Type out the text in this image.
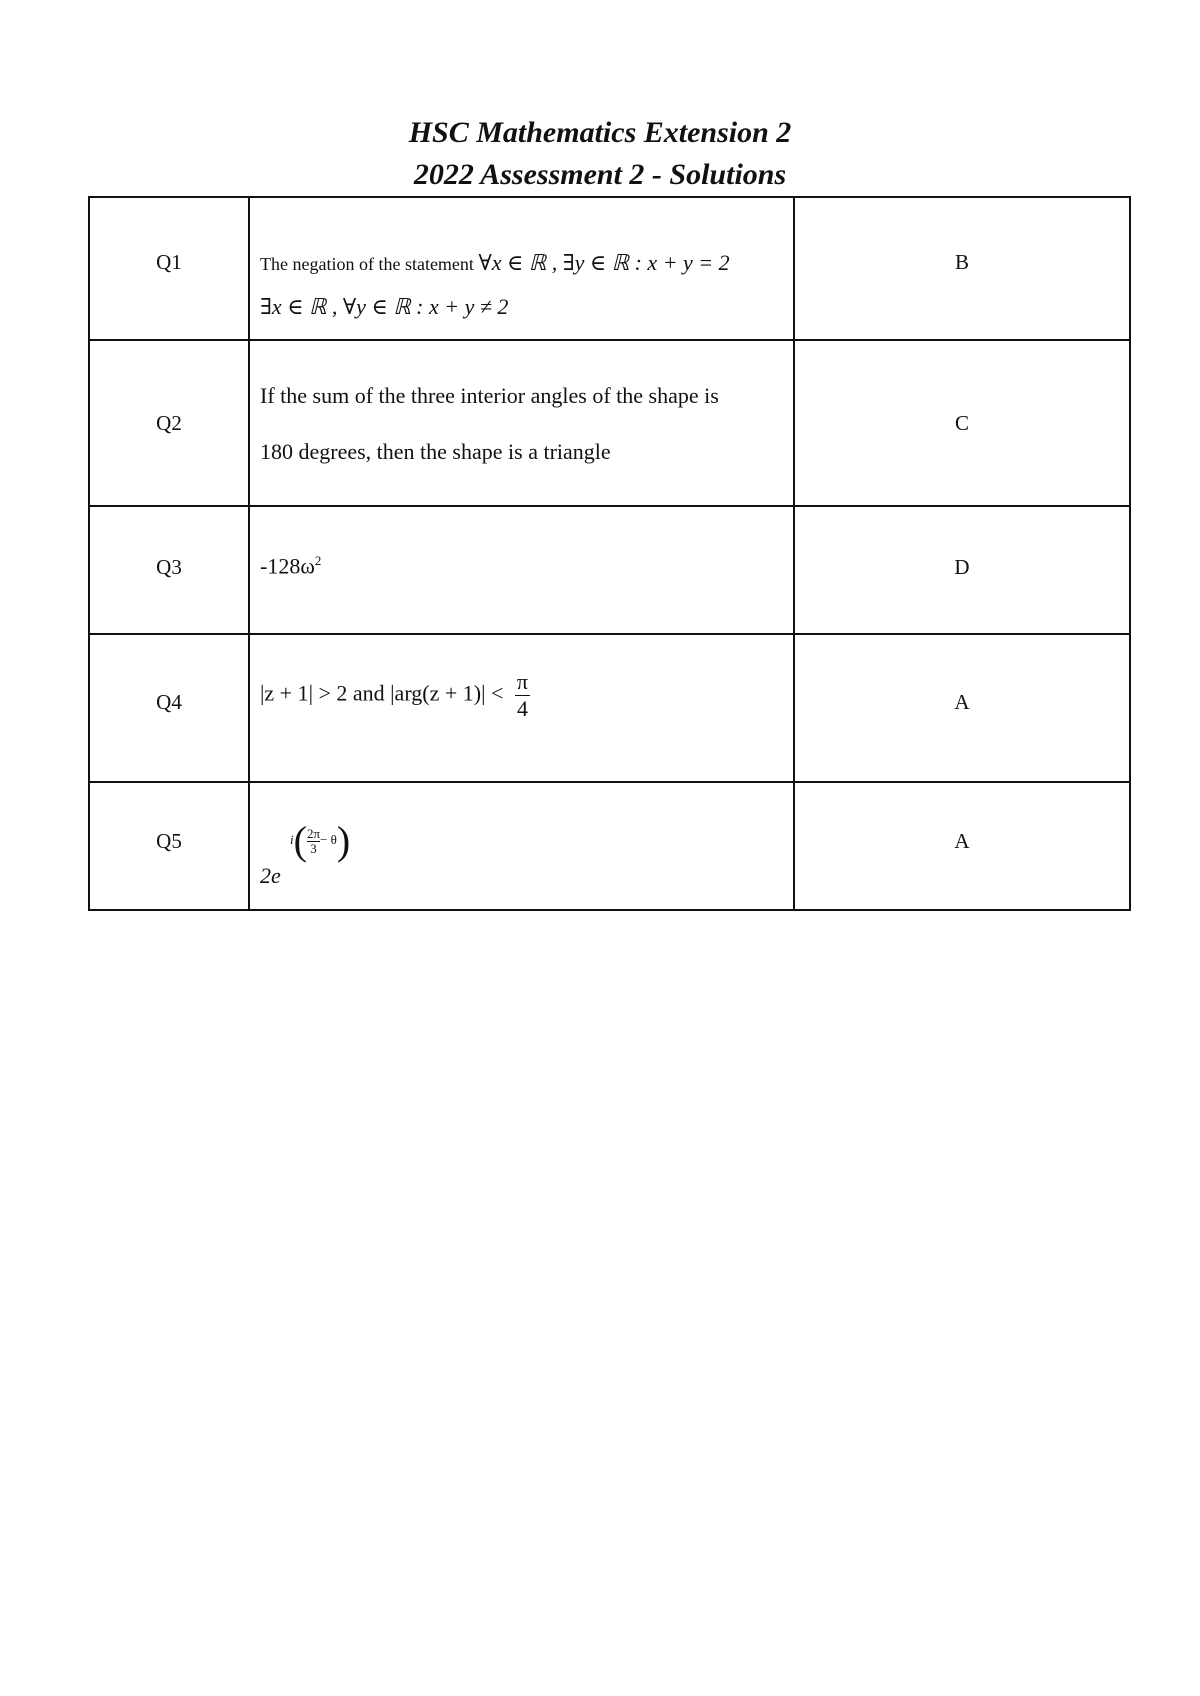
HSC Mathematics Extension 2
2022 Assessment 2 - Solutions
Q1	The negation of the statement ∀x ∈ ℝ , ∃y ∈ ℝ : x + y = 2
∃x ∈ ℝ , ∀y ∈ ℝ : x + y ≠ 2	B

Q2	If the sum of the three interior angles of the shape is
180 degrees, then the shape is a triangle	C

Q3	$-128\omega^2$	D

Q4	|z + 1| > 2 and $|arg(z + 1)| < \frac{\pi}{4}$	A

Q5	2e
$i( \frac{2\pi}{3} - \theta)$	A
